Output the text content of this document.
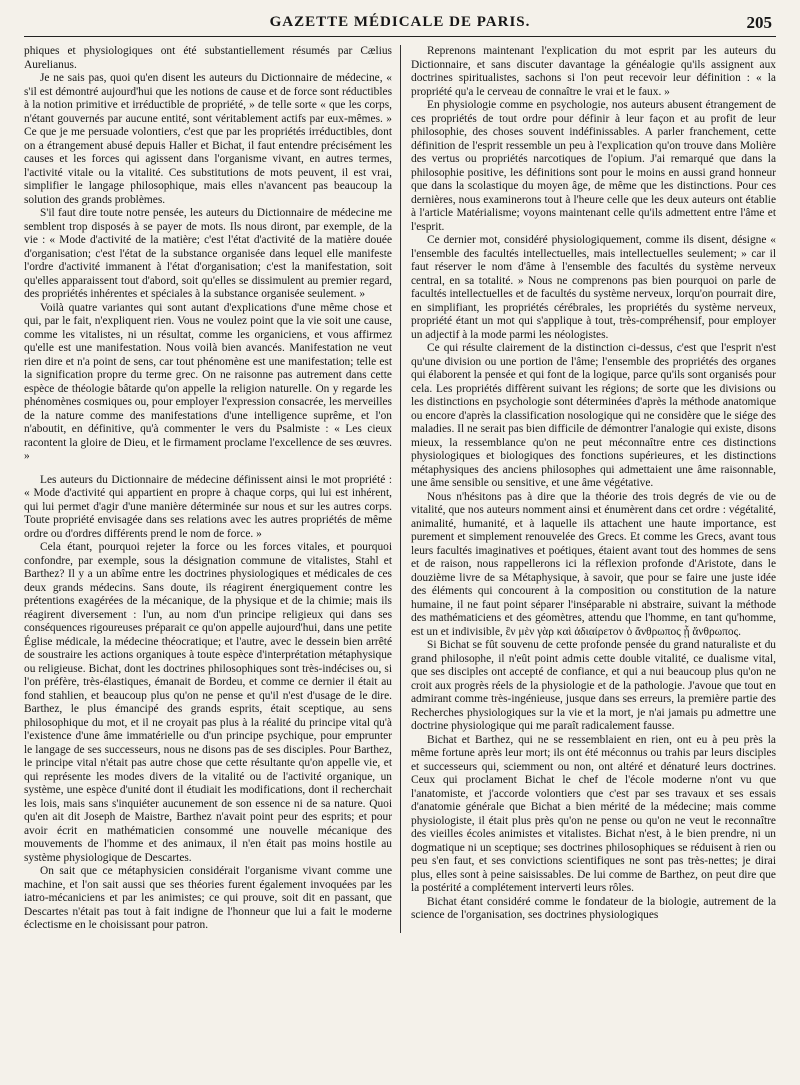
GAZETTE MÉDICALE DE PARIS.	205

phiques et physiologiques ont été substantiellement résumés par Cælius Aurelianus.

Je ne sais pas, quoi qu'en disent les auteurs du Dictionnaire de médecine, « s'il est démontré aujourd'hui que les notions de cause et de force sont réductibles à la notion primitive et irréductible de propriété, » de telle sorte « que les corps, n'étant gouvernés par aucune entité, sont véritablement actifs par eux-mêmes. » Ce que je me persuade volontiers, c'est que par les propriétés irréductibles, dont on a étrangement abusé depuis Haller et Bichat, il faut entendre précisément les causes et les forces qui agissent dans l'organisme vivant, en autres termes, l'activité vitale ou la vitalité. Ces substitutions de mots peuvent, il est vrai, simplifier le langage philosophique, mais elles n'avancent pas beaucoup la solution des grands problèmes.

S'il faut dire toute notre pensée, les auteurs du Dictionnaire de médecine me semblent trop disposés à se payer de mots. Ils nous diront, par exemple, de la vie : « Mode d'activité de la matière; c'est l'état d'activité de la matière douée d'organisation; c'est l'état de la substance organisée dans lequel elle manifeste l'ordre d'activité immanent à l'état d'organisation; c'est la manifestation, soit qu'elles apparaissent tout d'abord, soit qu'elles se dissimulent au premier regard, des propriétés inhérentes et spéciales à la substance organisée seulement. »

Voilà quatre variantes qui sont autant d'explications d'une même chose et qui, par le fait, n'expliquent rien. Vous ne voulez point que la vie soit une cause, comme les vitalistes, ni un résultat, comme les organiciens, et vous affirmez qu'elle est une manifestation. Nous voilà bien avancés. Manifestation ne veut rien dire et n'a point de sens, car tout phénomène est une manifestation; telle est la signification propre du terme grec. On ne raisonne pas autrement dans cette espèce de théologie bâtarde qu'on appelle la religion naturelle. On y regarde les phénomènes cosmiques ou, pour employer l'expression consacrée, les merveilles de la nature comme des manifestations d'une intelligence suprême, et l'on n'aboutit, en définitive, qu'à commenter le vers du Psalmiste : « Les cieux racontent la gloire de Dieu, et le firmament proclame l'excellence de ses œuvres. »

Les auteurs du Dictionnaire de médecine définissent ainsi le mot propriété : « Mode d'activité qui appartient en propre à chaque corps, qui lui est inhérent, qui lui permet d'agir d'une manière déterminée sur nous et sur les autres corps. Toute propriété envisagée dans ses relations avec les autres propriétés de même ordre ou d'ordres différents prend le nom de force. »

Cela étant, pourquoi rejeter la force ou les forces vitales, et pourquoi confondre, par exemple, sous la désignation commune de vitalistes, Stahl et Barthez? Il y a un abîme entre les doctrines physiologiques et médicales de ces deux grands médecins. Sans doute, ils réagirent énergiquement contre les prétentions exagérées de la mécanique, de la physique et de la chimie; mais ils réagirent diversement : l'un, au nom d'un principe religieux qui dans ses conséquences rigoureuses préparait ce qu'on appelle aujourd'hui, dans une petite Église médicale, la médecine théocratique; et l'autre, avec le dessein bien arrêté de soustraire les actions organiques à toute espèce d'interprétation métaphysique ou religieuse. Bichat, dont les doctrines philosophiques sont très-indécises ou, si l'on préfère, très-élastiques, émanait de Bordeu, et comme ce dernier il était au fond stahlien, et beaucoup plus qu'on ne pense et qu'il n'est d'usage de le dire. Barthez, le plus émancipé des grands esprits, était sceptique, au sens philosophique du mot, et il ne croyait pas plus à la réalité du principe vital qu'à l'existence d'une âme immatérielle ou d'un principe psychique, pour emprunter le langage de ses successeurs, nous ne disons pas de ses disciples. Pour Barthez, le principe vital n'était pas autre chose que cette résultante qu'on appelle vie, et qui représente les modes divers de la vitalité ou de l'activité organique, un système, une espèce d'unité dont il étudiait les modifications, dont il recherchait les lois, mais sans s'inquiéter aucunement de son essence ni de sa nature. Quoi qu'en ait dit Joseph de Maistre, Barthez n'avait point peur des esprits; et pour avoir écrit en mathématicien consommé une nouvelle mécanique des mouvements de l'homme et des animaux, il n'en était pas moins hostile au système physiologique de Descartes.

On sait que ce métaphysicien considérait l'organisme vivant comme une machine, et l'on sait aussi que ses théories furent également invoquées par les iatro-mécaniciens et par les animistes; ce qui prouve, soit dit en passant, que Descartes n'était pas tout à fait indigne de l'honneur que lui a fait le moderne éclectisme en le choisissant pour patron.

Reprenons maintenant l'explication du mot esprit par les auteurs du Dictionnaire, et sans discuter davantage la généalogie qu'ils assignent aux doctrines spiritualistes, sachons si l'on peut recevoir leur définition : « la propriété qu'a le cerveau de connaître le vrai et le faux. »

En physiologie comme en psychologie, nos auteurs abusent étrangement de ces propriétés de tout ordre pour définir à leur façon et au profit de leur philosophie, des choses souvent indéfinissables. A parler franchement, cette définition de l'esprit ressemble un peu à l'explication qu'on trouve dans Molière des vertus ou propriétés narcotiques de l'opium. J'ai remarqué que dans la philosophie positive, les définitions sont pour le moins en aussi grand honneur que dans la scolastique du moyen âge, de même que les distinctions. Pour ces dernières, nous examinerons tout à l'heure celle que les deux auteurs ont établie à l'article Matérialisme; voyons maintenant celle qu'ils admettent entre l'âme et l'esprit.

Ce dernier mot, considéré physiologiquement, comme ils disent, désigne « l'ensemble des facultés intellectuelles, mais intellectuelles seulement; » car il faut réserver le nom d'âme à l'ensemble des facultés du système nerveux central, en sa totalité. » Nous ne comprenons pas bien pourquoi on parle de facultés intellectuelles et de facultés du système nerveux, lorqu'on pourrait dire, en simplifiant, les propriétés cérébrales, les propriétés du système nerveux, propriété étant un mot qui s'applique à tout, très-compréhensif, pour employer un adjectif à la mode parmi les néologistes.

Ce qui résulte clairement de la distinction ci-dessus, c'est que l'esprit n'est qu'une division ou une portion de l'âme; l'ensemble des propriétés des organes qui élaborent la pensée et qui font de la logique, parce qu'ils sont organisés pour cela. Les propriétés diffèrent suivant les régions; de sorte que les divisions ou les distinctions en psychologie sont déterminées d'après la méthode anatomique ou encore d'après la classification nosologique qui ne considère que le siége des maladies. Il ne serait pas bien difficile de démontrer l'analogie qui existe, disons mieux, la ressemblance qu'on ne peut méconnaître entre ces distinctions physiologiques et biologiques des fonctions supérieures, et les distinctions métaphysiques des anciens philosophes qui admettaient une âme raisonnable, une âme sensible ou sensitive, et une âme végétative.

Nous n'hésitons pas à dire que la théorie des trois degrés de vie ou de vitalité, que nos auteurs nomment ainsi et énumèrent dans cet ordre : végétalité, animalité, humanité, et à laquelle ils attachent une haute importance, est purement et simplement renouvelée des Grecs. Et comme les Grecs, avant tous leurs facultés imaginatives et poétiques, étaient avant tout des hommes de sens et de raison, nous rappellerons ici la réflexion profonde d'Aristote, dans le douzième livre de sa Métaphysique, à savoir, que pour se faire une juste idée des éléments qui concourent à la composition ou constitution de la nature humaine, il ne faut point séparer l'inséparable ni abstraire, suivant la méthode des mathématiciens et des géomètres, attendu que l'homme, en tant qu'homme, est un et indivisible, ἓν μὲν γὰρ καὶ ἀδιαίρετον ὁ ἄνθρωπος ᾗ ἄνθρωπος.

Si Bichat se fût souvenu de cette profonde pensée du grand naturaliste et du grand philosophe, il n'eût point admis cette double vitalité, ce dualisme vital, que ses disciples ont accepté de confiance, et qui a nui beaucoup plus qu'on ne croit aux progrès réels de la physiologie et de la pathologie. J'avoue que tout en admirant comme très-ingénieuse, jusque dans ses erreurs, la première partie des Recherches physiologiques sur la vie et la mort, je n'ai jamais pu admettre une doctrine physiologique qui me paraît radicalement fausse.

Bichat et Barthez, qui ne se ressemblaient en rien, ont eu à peu près la même fortune après leur mort; ils ont été méconnus ou trahis par leurs disciples et successeurs qui, sciemment ou non, ont altéré et dénaturé leurs doctrines. Ceux qui proclament Bichat le chef de l'école moderne n'ont vu que l'anatomiste, et j'accorde volontiers que c'est par ses travaux et ses essais d'anatomie générale que Bichat a bien mérité de la médecine; mais comme physiologiste, il était plus près qu'on ne pense ou qu'on ne veut le reconnaître des vieilles écoles animistes et vitalistes. Bichat n'est, à le bien prendre, ni un dogmatique ni un sceptique; ses doctrines philosophiques se réduisent à rien ou peu s'en faut, et ses convictions scientifiques ne sont pas très-nettes; je dirai plus, elles sont à peine saisissables. De lui comme de Barthez, on peut dire que la postérité a complétement interverti leurs rôles.

Bichat étant considéré comme le fondateur de la biologie, autrement de la science de l'organisation, ses doctrines physiologiques
